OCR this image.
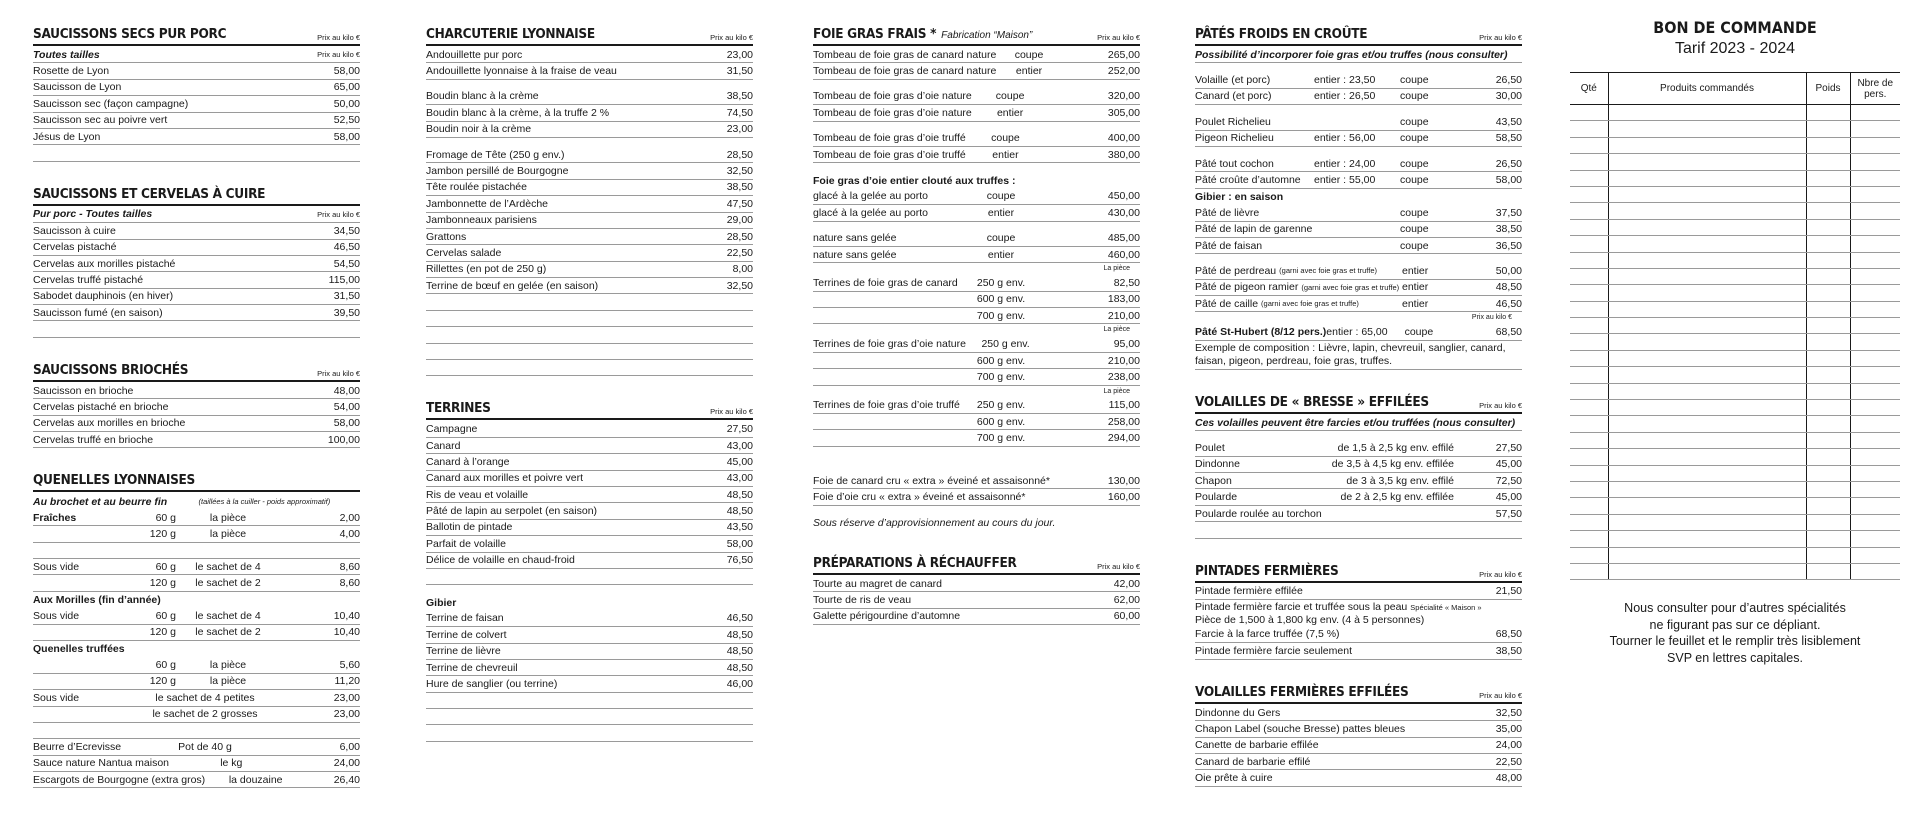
SAUCISSONS SECS PUR PORC	Prix au kilo €
Toutes tailles	Prix au kilo €
Rosette de Lyon	58,00
Saucisson de Lyon	65,00
Saucisson sec (façon campagne)	50,00
Saucisson sec au poivre vert	52,50
Jésus de Lyon	58,00
SAUCISSONS ET CERVELAS À CUIRE
Pur porc - Toutes tailles	Prix au kilo €
Saucisson à cuire	34,50
Cervelas pistaché	46,50
Cervelas aux morilles pistaché	54,50
Cervelas truffé pistaché	115,00
Sabodet dauphinois (en hiver)	31,50
Saucisson fumé (en saison)	39,50
SAUCISSONS BRIOCHÉS	Prix au kilo €
Saucisson en brioche	48,00
Cervelas pistaché en brioche	54,00
Cervelas aux morilles en brioche	58,00
Cervelas truffé en brioche	100,00
QUENELLES LYONNAISES
Au brochet et au beurre fin	(taillées à la cuiller - poids approximatif)
Fraîches	60 g	la pièce	2,00
120 g	la pièce	4,00
Sous vide	60 g	le sachet de 4	8,60
120 g	le sachet de 2	8,60
Aux Morilles (fin d’année)
Sous vide	60 g	le sachet de 4	10,40
120 g	le sachet de 2	10,40
Quenelles truffées
60 g	la pièce	5,60
120 g	la pièce	11,20
Sous vide	le sachet de 4 petites	23,00
le sachet de 2 grosses	23,00
Beurre d’Ecrevisse	Pot de 40 g	6,00
Sauce nature Nantua maison	le kg	24,00
Escargots de Bourgogne (extra gros)	la douzaine	26,40
CHARCUTERIE LYONNAISE	Prix au kilo €
Andouillette pur porc	23,00
Andouillette lyonnaise à la fraise de veau	31,50
Boudin blanc à la crème	38,50
Boudin blanc à la crème, à la truffe 2 %	74,50
Boudin noir à la crème	23,00
Fromage de Tête (250 g env.)	28,50
Jambon persillé de Bourgogne	32,50
Tête roulée pistachée	38,50
Jambonnette de l’Ardèche	47,50
Jambonneaux parisiens	29,00
Grattons	28,50
Cervelas salade	22,50
Rillettes (en pot de 250 g)	8,00
Terrine de bœuf en gelée (en saison)	32,50
TERRINES	Prix au kilo €
Campagne	27,50
Canard	43,00
Canard à l’orange	45,00
Canard aux morilles et poivre vert	43,00
Ris de veau et volaille	48,50
Pâté de lapin au serpolet (en saison)	48,50
Ballotin de pintade	43,50
Parfait de volaille	58,00
Délice de volaille en chaud-froid	76,50
Gibier
Terrine de faisan	46,50
Terrine de colvert	48,50
Terrine de lièvre	48,50
Terrine de chevreuil	48,50
Hure de sanglier (ou terrine)	46,00
FOIE GRAS FRAIS * Fabrication “Maison”	Prix au kilo €
Tombeau de foie gras de canard nature	coupe	265,00
Tombeau de foie gras de canard nature	entier	252,00
Tombeau de foie gras d’oie nature	coupe	320,00
Tombeau de foie gras d’oie nature	entier	305,00
Tombeau de foie gras d’oie truffé	coupe	400,00
Tombeau de foie gras d’oie truffé	entier	380,00
Foie gras d’oie entier clouté aux truffes :
glacé à la gelée au porto	coupe	450,00
glacé à la gelée au porto	entier	430,00
nature sans gelée	coupe	485,00
nature sans gelée	entier	460,00
La pièce
Terrines de foie gras de canard	250 g env.	82,50
600 g env.	183,00
700 g env.	210,00
La pièce
Terrines de foie gras d’oie nature	250 g env.	95,00
600 g env.	210,00
700 g env.	238,00
La pièce
Terrines de foie gras d’oie truffé	250 g env.	115,00
600 g env.	258,00
700 g env.	294,00
Foie de canard cru « extra » éveiné et assaisonné*	130,00
Foie d’oie cru « extra » éveiné et assaisonné*	160,00
Sous réserve d’approvisionnement au cours du jour.
PRÉPARATIONS À RÉCHAUFFER	Prix au kilo €
Tourte au magret de canard	42,00
Tourte de ris de veau	62,00
Galette périgourdine d’automne	60,00
PÂTÉS FROIDS EN CROÛTE	Prix au kilo €
Possibilité d’incorporer foie gras et/ou truffes (nous consulter)
Volaille (et porc)	entier : 23,50	coupe	26,50
Canard (et porc)	entier : 26,50	coupe	30,00
Poulet Richelieu	coupe	43,50
Pigeon Richelieu	entier : 56,00	coupe	58,50
Pâté tout cochon	entier : 24,00	coupe	26,50
Pâté croûte d’automne	entier : 55,00	coupe	58,00
Gibier : en saison
Pâté de lièvre	coupe	37,50
Pâté de lapin de garenne	coupe	38,50
Pâté de faisan	coupe	36,50
Pâté de perdreau (garni avec foie gras et truffe)	entier	50,00
Pâté de pigeon ramier (garni avec foie gras et truffe) entier	48,50
Pâté de caille (garni avec foie gras et truffe)	entier	46,50
Prix au kilo €
Pâté St-Hubert (8/12 pers.) entier : 65,00	coupe	68,50
Exemple de composition : Lièvre, lapin, chevreuil, sanglier, canard, faisan, pigeon, perdreau, foie gras, truffes.
VOLAILLES DE « BRESSE » EFFILÉES	Prix au kilo €
Ces volailles peuvent être farcies et/ou truffées (nous consulter)
Poulet	de 1,5 à 2,5 kg env. effilé	27,50
Dindonne	de 3,5 à 4,5 kg env. effilée	45,00
Chapon	de 3 à 3,5 kg env. effilé	72,50
Poularde	de 2 à 2,5 kg env. effilée	45,00
Poularde roulée au torchon	57,50
PINTADES FERMIÈRES	Prix au kilo €
Pintade fermière effilée	21,50
Pintade fermière farcie et truffée sous la peau Spécialité « Maison »
Pièce de 1,500 à 1,800 kg env. (4 à 5 personnes)
Farcie à la farce truffée (7,5 %)	68,50
Pintade fermière farcie seulement	38,50
VOLAILLES FERMIÈRES EFFILÉES	Prix au kilo €
Dindonne du Gers	32,50
Chapon Label (souche Bresse) pattes bleues	35,00
Canette de barbarie effilée	24,00
Canard de barbarie effilé	22,50
Oie prête à cuire	48,00
BON DE COMMANDE
Tarif 2023 - 2024
Qté	Produits commandés	Poids	Nbre de pers.

Nous consulter pour d’autres spécialités
ne figurant pas sur ce dépliant.
Tourner le feuillet et le remplir très lisiblement
SVP en lettres capitales.
